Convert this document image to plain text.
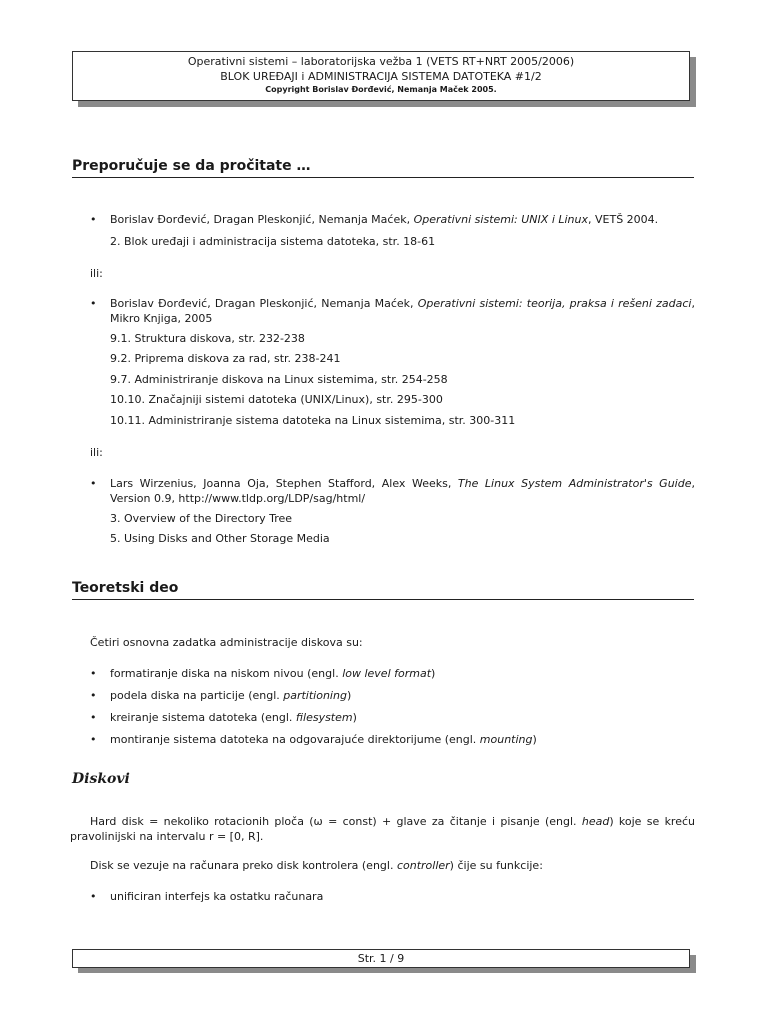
Operativni sistemi – laboratorijska vežba 1 (VETS RT+NRT 2005/2006)
BLOK UREĐAJI i ADMINISTRACIJA SISTEMA DATOTEKA #1/2
Copyright Borislav Đorđević, Nemanja Maček 2005.
Preporučuje se da pročitate …
• Borislav Đorđević, Dragan Pleskonjić, Nemanja Maćek, Operativni sistemi: UNIX i Linux, VETŠ 2004.
2. Blok uređaji i administracija sistema datoteka, str. 18-61
ili:
• Borislav Đorđević, Dragan Pleskonjić, Nemanja Maćek, Operativni sistemi: teorija, praksa i rešeni zadaci, Mikro Knjiga, 2005
9.1. Struktura diskova, str. 232-238
9.2. Priprema diskova za rad, str. 238-241
9.7. Administriranje diskova na Linux sistemima, str. 254-258
10.10. Značajniji sistemi datoteka (UNIX/Linux), str. 295-300
10.11. Administriranje sistema datoteka na Linux sistemima, str. 300-311
ili:
• Lars Wirzenius, Joanna Oja, Stephen Stafford, Alex Weeks, The Linux System Administrator's Guide, Version 0.9, http://www.tldp.org/LDP/sag/html/
3. Overview of the Directory Tree
5. Using Disks and Other Storage Media
Teoretski deo
Četiri osnovna zadatka administracije diskova su:
• formatiranje diska na niskom nivou (engl. low level format)
• podela diska na particije (engl. partitioning)
• kreiranje sistema datoteka (engl. filesystem)
• montiranje sistema datoteka na odgovarajuće direktorijume (engl. mounting)
Diskovi
Hard disk = nekoliko rotacionih ploča (ω = const) + glave za čitanje i pisanje (engl. head) koje se kreću pravolinijski na intervalu r = [0, R].
Disk se vezuje na računara preko disk kontrolera (engl. controller) čije su funkcije:
• unificiran interfejs ka ostatku računara
Str. 1 / 9
